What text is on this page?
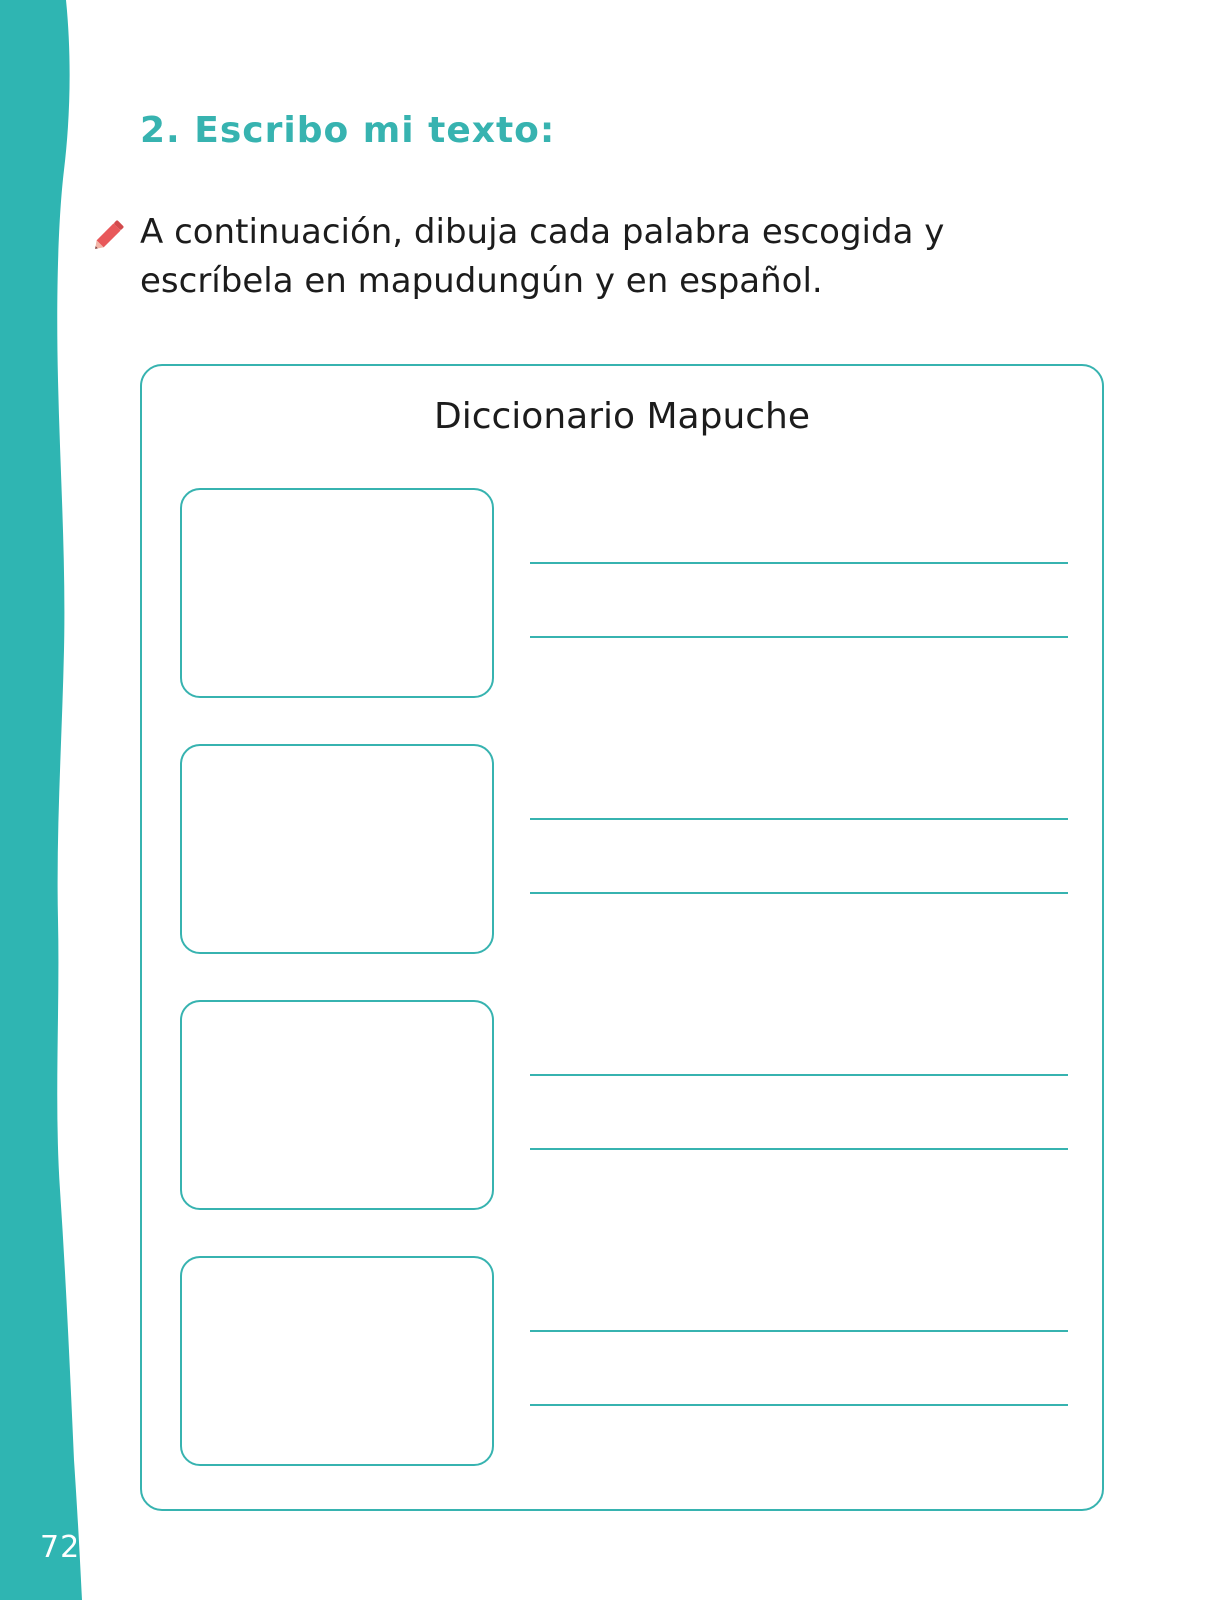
72
2. Escribo mi texto:

A continuación, dibuja cada palabra escogida y escríbela en mapudungún y en español.

Diccionario Mapuche
